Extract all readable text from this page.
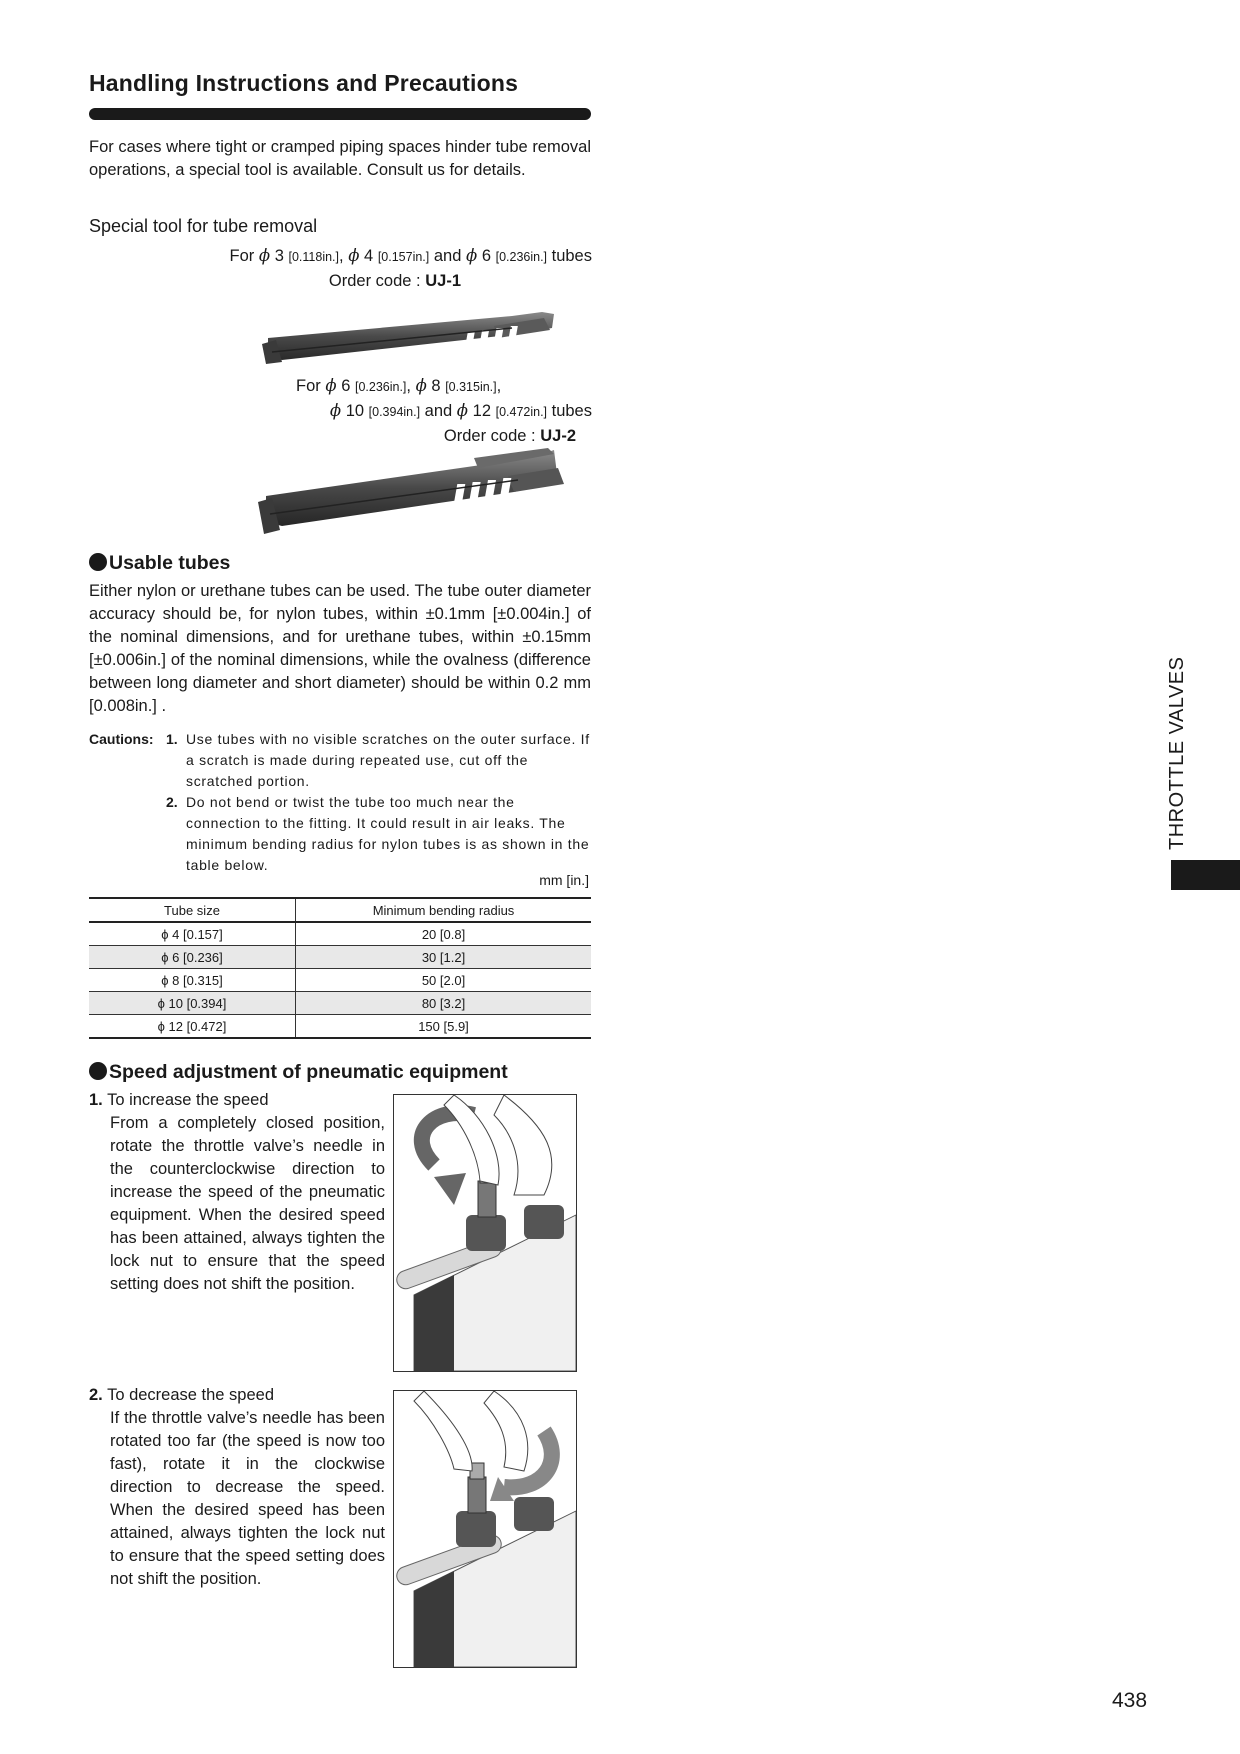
Handling Instructions and Precautions
For cases where tight or cramped piping spaces hinder tube removal operations, a special tool is available. Consult us for details.
Special tool for tube removal
For ϕ 3 [0.118in.], ϕ 4 [0.157in.] and ϕ 6 [0.236in.] tubes
Order code : UJ-1
For ϕ 6 [0.236in.], ϕ 8 [0.315in.],
ϕ 10 [0.394in.] and ϕ 12 [0.472in.] tubes
Order code : UJ-2
Usable tubes
Either nylon or urethane tubes can be used. The tube outer diameter accuracy should be, for nylon tubes, within ±0.1mm [±0.004in.] of the nominal dimensions, and for urethane tubes, within ±0.15mm [±0.006in.] of the nominal dimensions, while the ovalness (difference between long diameter and short diameter) should be within 0.2 mm [0.008in.] .
Cautions: 1. Use tubes with no visible scratches on the outer surface. If a scratch is made during repeated use, cut off the scratched portion.
2. Do not bend or twist the tube too much near the connection to the fitting. It could result in air leaks. The minimum bending radius for nylon tubes is as shown in the table below.
mm [in.]
Tube size	Minimum bending radius
ϕ 4 [0.157]	20 [0.8]
ϕ 6 [0.236]	30 [1.2]
ϕ 8 [0.315]	50 [2.0]
ϕ 10 [0.394]	80 [3.2]
ϕ 12 [0.472]	150 [5.9]
Speed adjustment of pneumatic equipment
1. To increase the speed
From a completely closed position, rotate the throttle valve’s needle in the counterclockwise direction to increase the speed of the pneumatic equipment. When the desired speed has been attained, always tighten the lock nut to ensure that the speed setting does not shift the position.
2. To decrease the speed
If the throttle valve’s needle has been rotated too far (the speed is now too fast), rotate it in the clockwise direction to decrease the speed. When the desired speed has been attained, always tighten the lock nut to ensure that the speed setting does not shift the position.
THROTTLE VALVES
438
